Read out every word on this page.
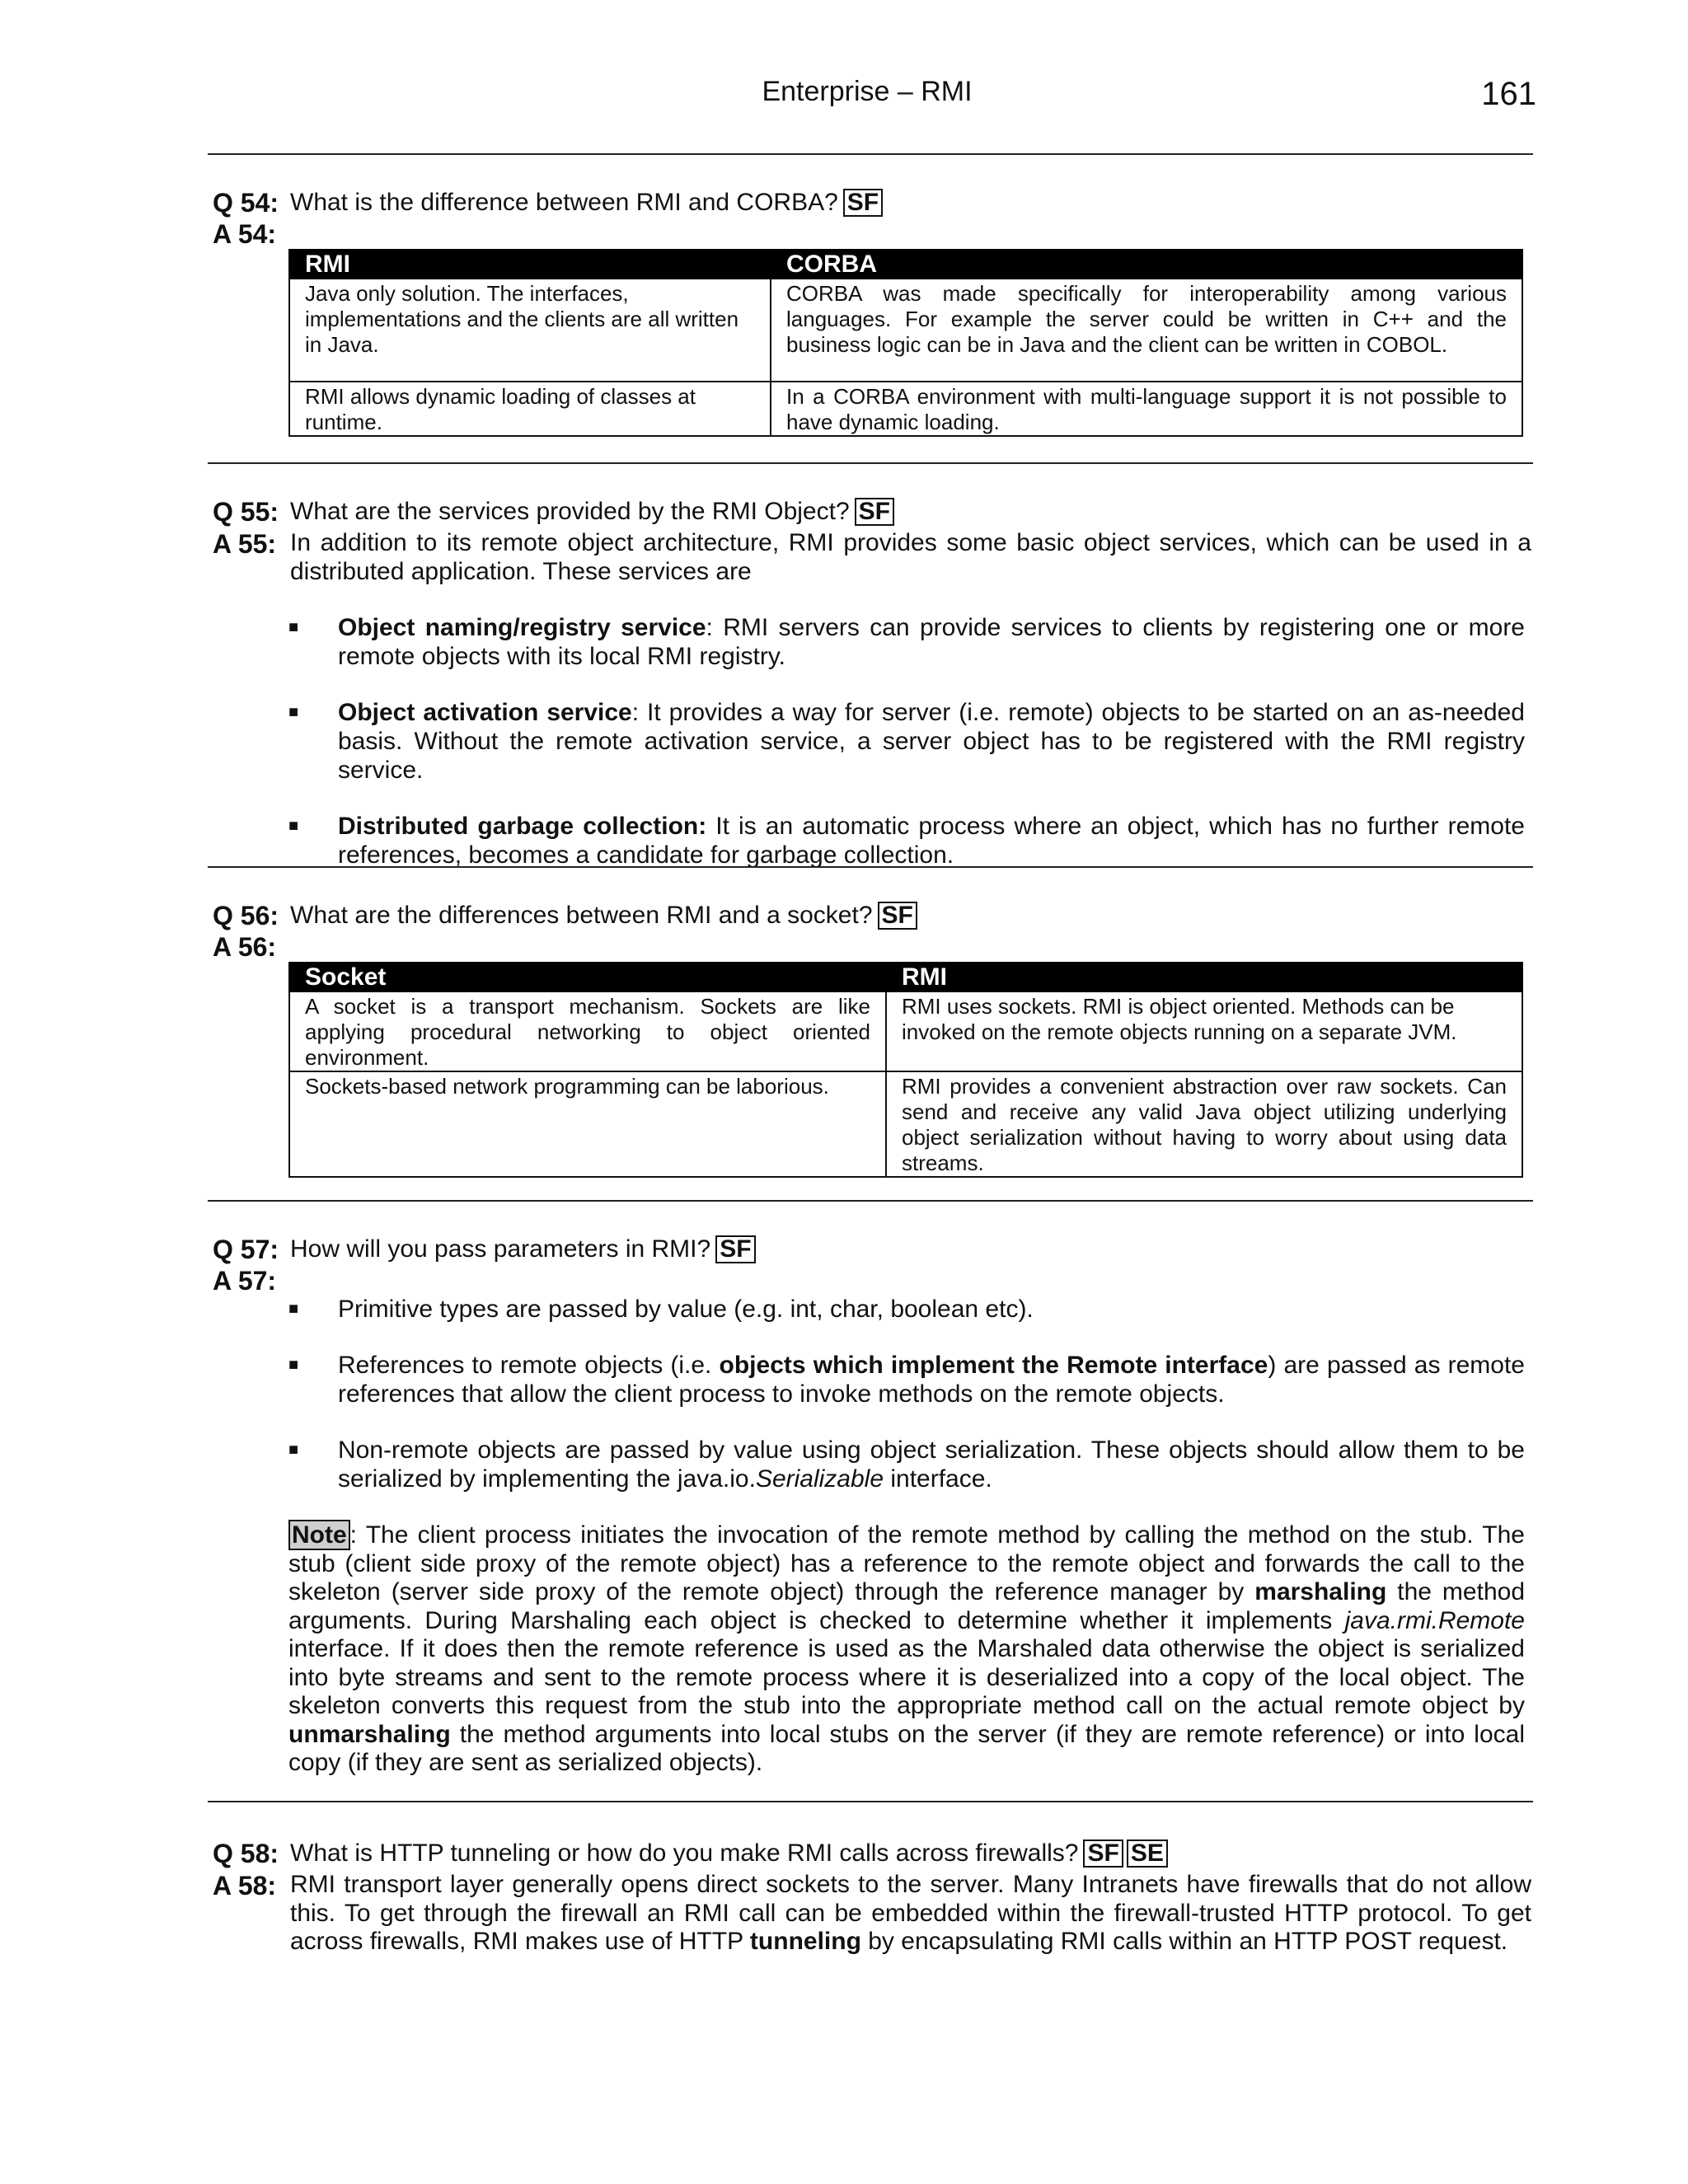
Enterprise – RMI	161
Q 54: What is the difference between RMI and CORBA? SF
A 54:
RMI	CORBA
Java only solution. The interfaces, implementations and the clients are all written in Java.	CORBA was made specifically for interoperability among various languages. For example the server could be written in C++ and the business logic can be in Java and the client can be written in COBOL.
RMI allows dynamic loading of classes at runtime.	In a CORBA environment with multi-language support it is not possible to have dynamic loading.
Q 55: What are the services provided by the RMI Object? SF
A 55: In addition to its remote object architecture, RMI provides some basic object services, which can be used in a distributed application. These services are
■ Object naming/registry service: RMI servers can provide services to clients by registering one or more remote objects with its local RMI registry.
■ Object activation service: It provides a way for server (i.e. remote) objects to be started on an as-needed basis. Without the remote activation service, a server object has to be registered with the RMI registry service.
■ Distributed garbage collection: It is an automatic process where an object, which has no further remote references, becomes a candidate for garbage collection.
Q 56: What are the differences between RMI and a socket? SF
A 56:
Socket	RMI
A socket is a transport mechanism. Sockets are like applying procedural networking to object oriented environment.	RMI uses sockets. RMI is object oriented. Methods can be invoked on the remote objects running on a separate JVM.
Sockets-based network programming can be laborious.	RMI provides a convenient abstraction over raw sockets. Can send and receive any valid Java object utilizing underlying object serialization without having to worry about using data streams.
Q 57: How will you pass parameters in RMI? SF
A 57:
■ Primitive types are passed by value (e.g. int, char, boolean etc).
■ References to remote objects (i.e. objects which implement the Remote interface) are passed as remote references that allow the client process to invoke methods on the remote objects.
■ Non-remote objects are passed by value using object serialization. These objects should allow them to be serialized by implementing the java.io.Serializable interface.
Note : The client process initiates the invocation of the remote method by calling the method on the stub. The stub (client side proxy of the remote object) has a reference to the remote object and forwards the call to the skeleton (server side proxy of the remote object) through the reference manager by marshaling the method arguments. During Marshaling each object is checked to determine whether it implements java.rmi.Remote interface. If it does then the remote reference is used as the Marshaled data otherwise the object is serialized into byte streams and sent to the remote process where it is deserialized into a copy of the local object. The skeleton converts this request from the stub into the appropriate method call on the actual remote object by unmarshaling the method arguments into local stubs on the server (if they are remote reference) or into local copy (if they are sent as serialized objects).
Q 58: What is HTTP tunneling or how do you make RMI calls across firewalls? SF SE
A 58: RMI transport layer generally opens direct sockets to the server. Many Intranets have firewalls that do not allow this. To get through the firewall an RMI call can be embedded within the firewall-trusted HTTP protocol. To get across firewalls, RMI makes use of HTTP tunneling by encapsulating RMI calls within an HTTP POST request.
